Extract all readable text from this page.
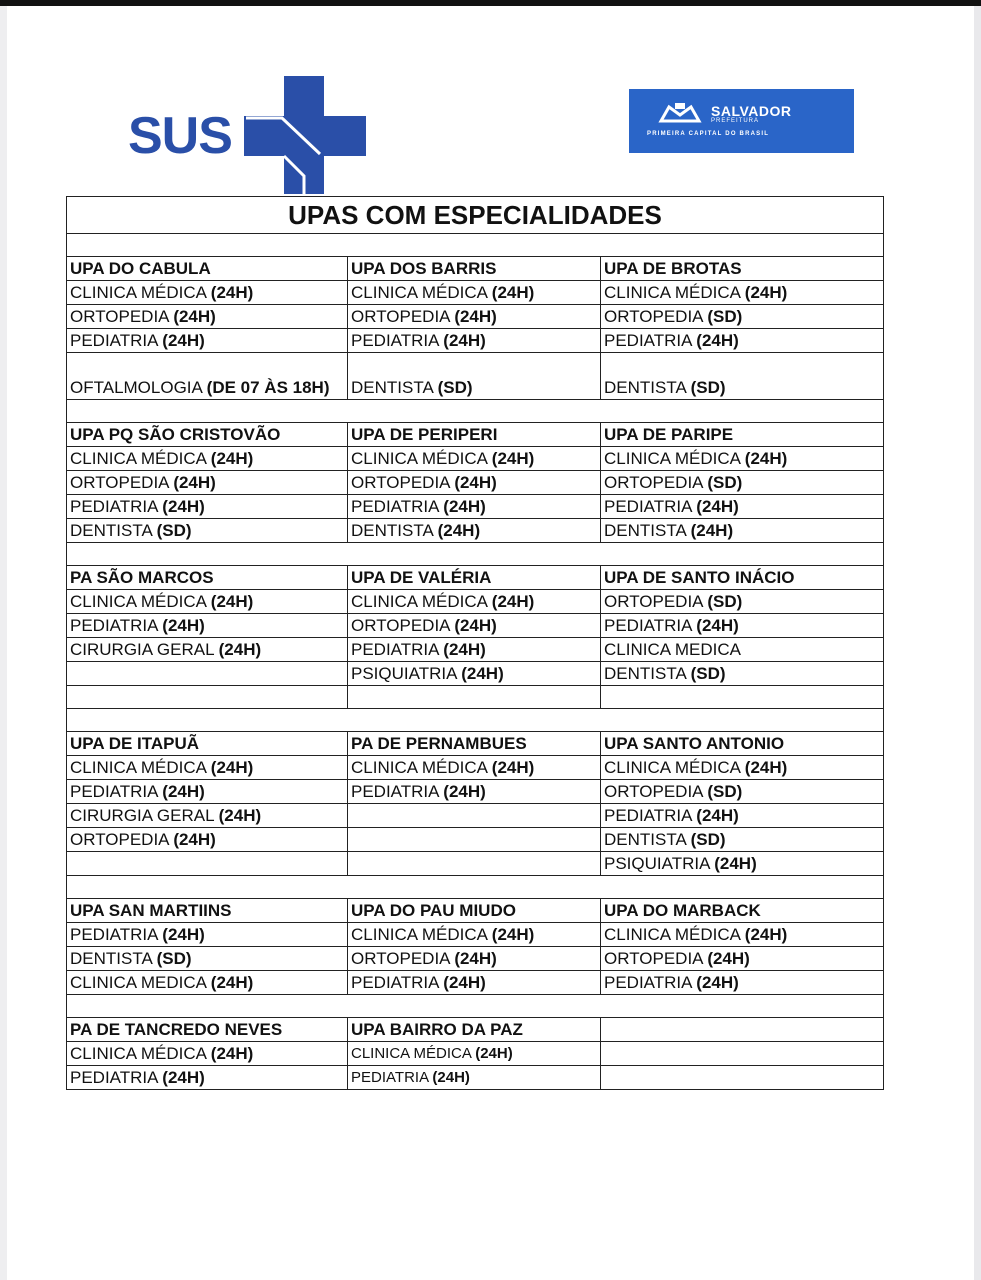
SUS	SALVADOR
PREFEITURA
PRIMEIRA CAPITAL DO BRASIL
UPAS COM ESPECIALIDADES		

UPA DO CABULA	UPA DOS BARRIS	UPA DE BROTAS
CLINICA MÉDICA (24H)	CLINICA MÉDICA (24H)	CLINICA MÉDICA (24H)
ORTOPEDIA (24H)	ORTOPEDIA (24H)	ORTOPEDIA (SD)
PEDIATRIA (24H)	PEDIATRIA (24H)	PEDIATRIA (24H)
OFTALMOLOGIA (DE 07 ÀS 18H)	DENTISTA (SD)	DENTISTA (SD)

UPA PQ SÃO CRISTOVÃO	UPA DE PERIPERI	UPA DE PARIPE
CLINICA MÉDICA (24H)	CLINICA MÉDICA (24H)	CLINICA MÉDICA (24H)
ORTOPEDIA (24H)	ORTOPEDIA (24H)	ORTOPEDIA (SD)
PEDIATRIA (24H)	PEDIATRIA (24H)	PEDIATRIA (24H)
DENTISTA (SD)	DENTISTA (24H)	DENTISTA (24H)

PA SÃO MARCOS	UPA DE VALÉRIA	UPA DE SANTO INÁCIO
CLINICA MÉDICA (24H)	CLINICA MÉDICA (24H)	ORTOPEDIA (SD)
PEDIATRIA (24H)	ORTOPEDIA (24H)	PEDIATRIA (24H)
CIRURGIA GERAL (24H)	PEDIATRIA (24H)	CLINICA MEDICA
	PSIQUIATRIA (24H)	DENTISTA (SD)

UPA DE ITAPUÃ	PA DE PERNAMBUES	UPA SANTO ANTONIO
CLINICA MÉDICA (24H)	CLINICA MÉDICA (24H)	CLINICA MÉDICA (24H)
PEDIATRIA (24H)	PEDIATRIA (24H)	ORTOPEDIA (SD)
CIRURGIA GERAL (24H)		PEDIATRIA (24H)
ORTOPEDIA (24H)		DENTISTA (SD)
		PSIQUIATRIA (24H)

UPA SAN MARTIINS	UPA DO PAU MIUDO	UPA DO MARBACK
PEDIATRIA (24H)	CLINICA MÉDICA (24H)	CLINICA MÉDICA (24H)
DENTISTA (SD)	ORTOPEDIA (24H)	ORTOPEDIA (24H)
CLINICA MEDICA (24H)	PEDIATRIA (24H)	PEDIATRIA (24H)

PA DE TANCREDO NEVES	UPA BAIRRO DA PAZ	
CLINICA MÉDICA (24H)	CLINICA MÉDICA (24H)	
PEDIATRIA (24H)	PEDIATRIA (24H)	
